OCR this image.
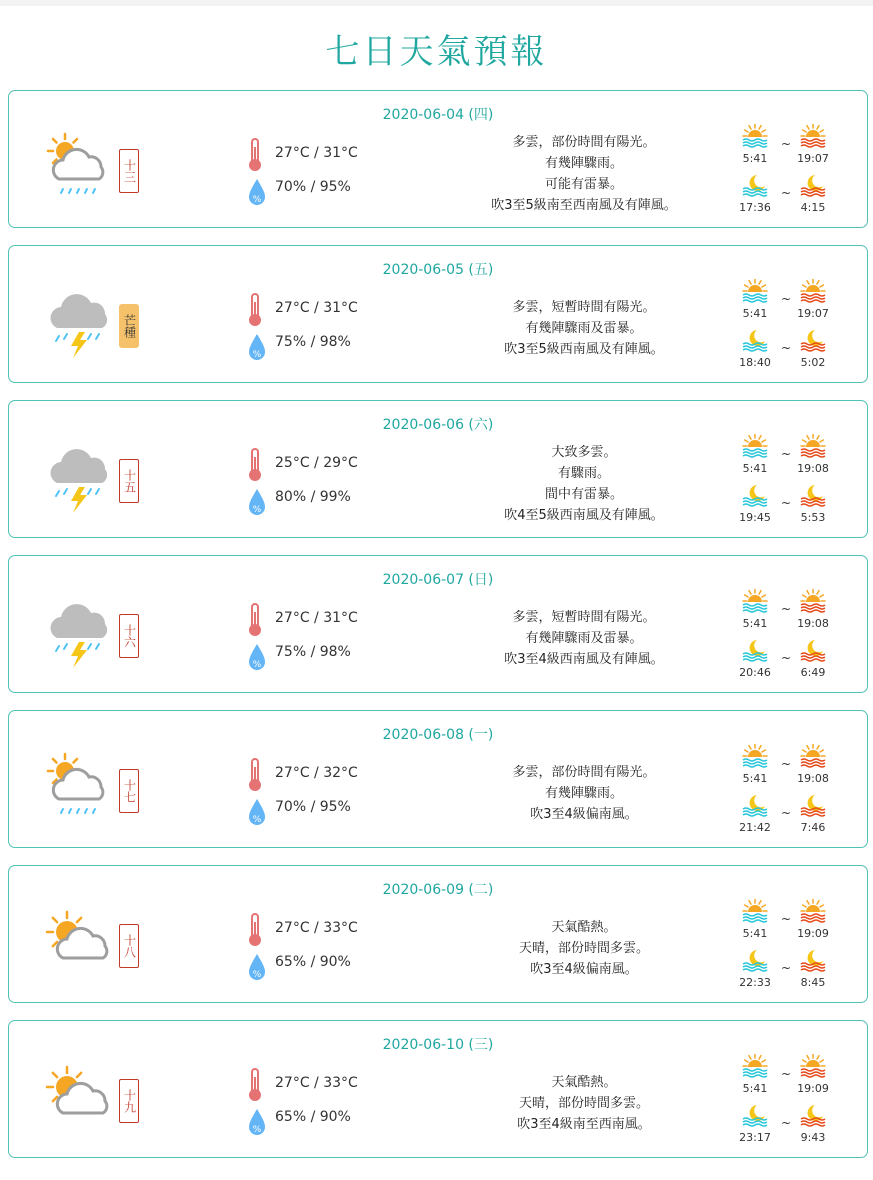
七日天氣預報
2020-06-04 (四)
十三
27°C / 31°C
%
70% / 95%
多雲，部份時間有陽光。
有幾陣驟雨。
可能有雷暴。
吹3至5級南至西南風及有陣風。
~
5:41	19:07
~
17:36	4:15
2020-06-05 (五)
芒種
27°C / 31°C
%
75% / 98%
多雲，短暫時間有陽光。
有幾陣驟雨及雷暴。
吹3至5級西南風及有陣風。
~
5:41	19:07
~
18:40	5:02
2020-06-06 (六)
十五
25°C / 29°C
%
80% / 99%
大致多雲。
有驟雨。
間中有雷暴。
吹4至5級西南風及有陣風。
~
5:41	19:08
~
19:45	5:53
2020-06-07 (日)
十六
27°C / 31°C
%
75% / 98%
多雲，短暫時間有陽光。
有幾陣驟雨及雷暴。
吹3至4級西南風及有陣風。
~
5:41	19:08
~
20:46	6:49
2020-06-08 (一)
十七
27°C / 32°C
%
70% / 95%
多雲，部份時間有陽光。
有幾陣驟雨。
吹3至4級偏南風。
~
5:41	19:08
~
21:42	7:46
2020-06-09 (二)
十八
27°C / 33°C
%
65% / 90%
天氣酷熱。
天晴，部份時間多雲。
吹3至4級偏南風。
~
5:41	19:09
~
22:33	8:45
2020-06-10 (三)
十九
27°C / 33°C
%
65% / 90%
天氣酷熱。
天晴，部份時間多雲。
吹3至4級南至西南風。
~
5:41	19:09
~
23:17	9:43
